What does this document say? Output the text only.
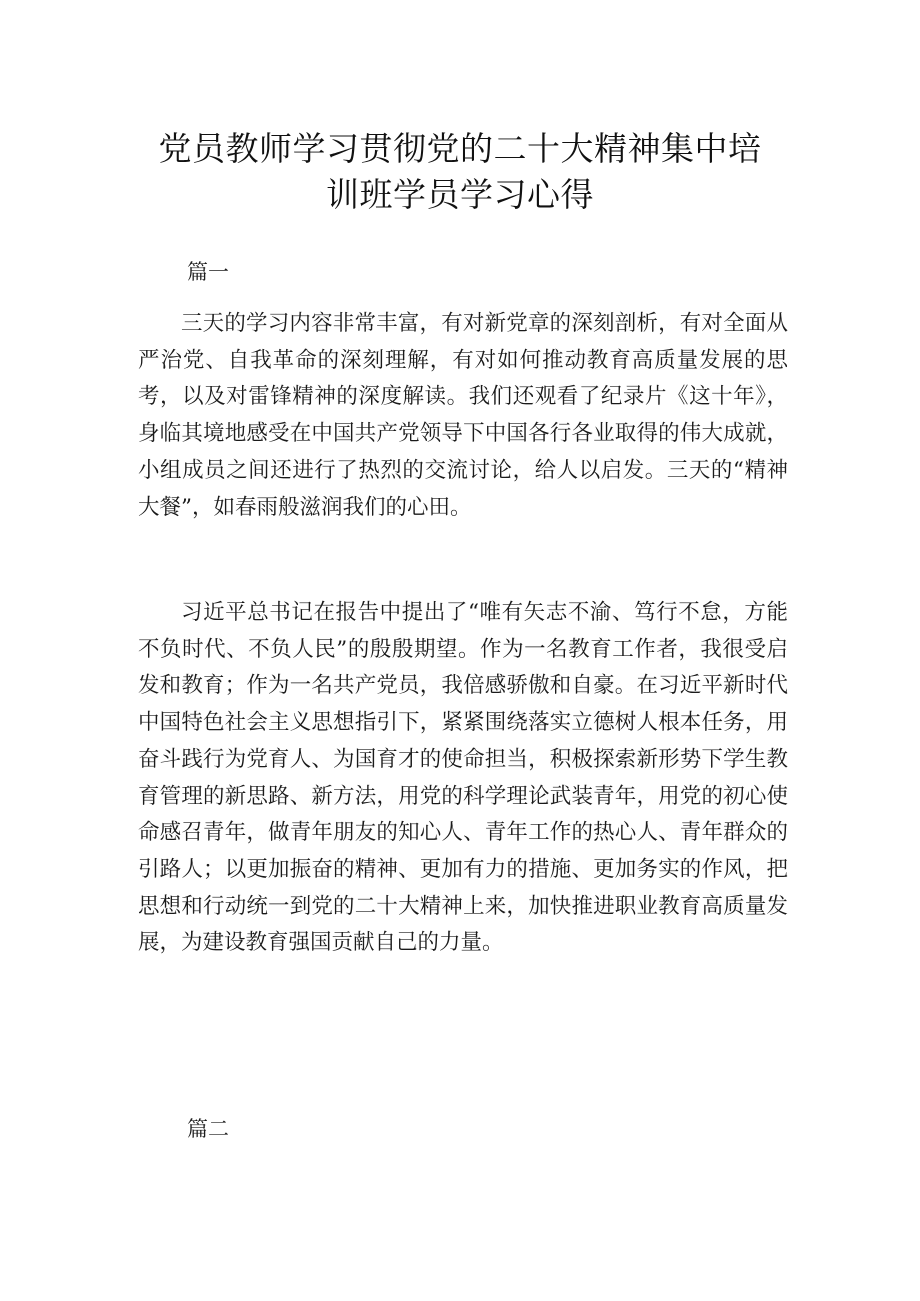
党员教师学习贯彻党的二十大精神集中培
训班学员学习心得

篇一

三天的学习内容非常丰富，有对新党章的深刻剖析，有对全面从严治党、自我革命的深刻理解，有对如何推动教育高质量发展的思考，以及对雷锋精神的深度解读。我们还观看了纪录片《这十年》，身临其境地感受在中国共产党领导下中国各行各业取得的伟大成就，小组成员之间还进行了热烈的交流讨论，给人以启发。三天的“精神大餐”，如春雨般滋润我们的心田。

习近平总书记在报告中提出了“唯有矢志不渝、笃行不怠，方能不负时代、不负人民”的殷殷期望。作为一名教育工作者，我很受启发和教育；作为一名共产党员，我倍感骄傲和自豪。在习近平新时代中国特色社会主义思想指引下，紧紧围绕落实立德树人根本任务，用奋斗践行为党育人、为国育才的使命担当，积极探索新形势下学生教育管理的新思路、新方法，用党的科学理论武装青年，用党的初心使命感召青年，做青年朋友的知心人、青年工作的热心人、青年群众的引路人；以更加振奋的精神、更加有力的措施、更加务实的作风，把思想和行动统一到党的二十大精神上来，加快推进职业教育高质量发展，为建设教育强国贡献自己的力量。

篇二
